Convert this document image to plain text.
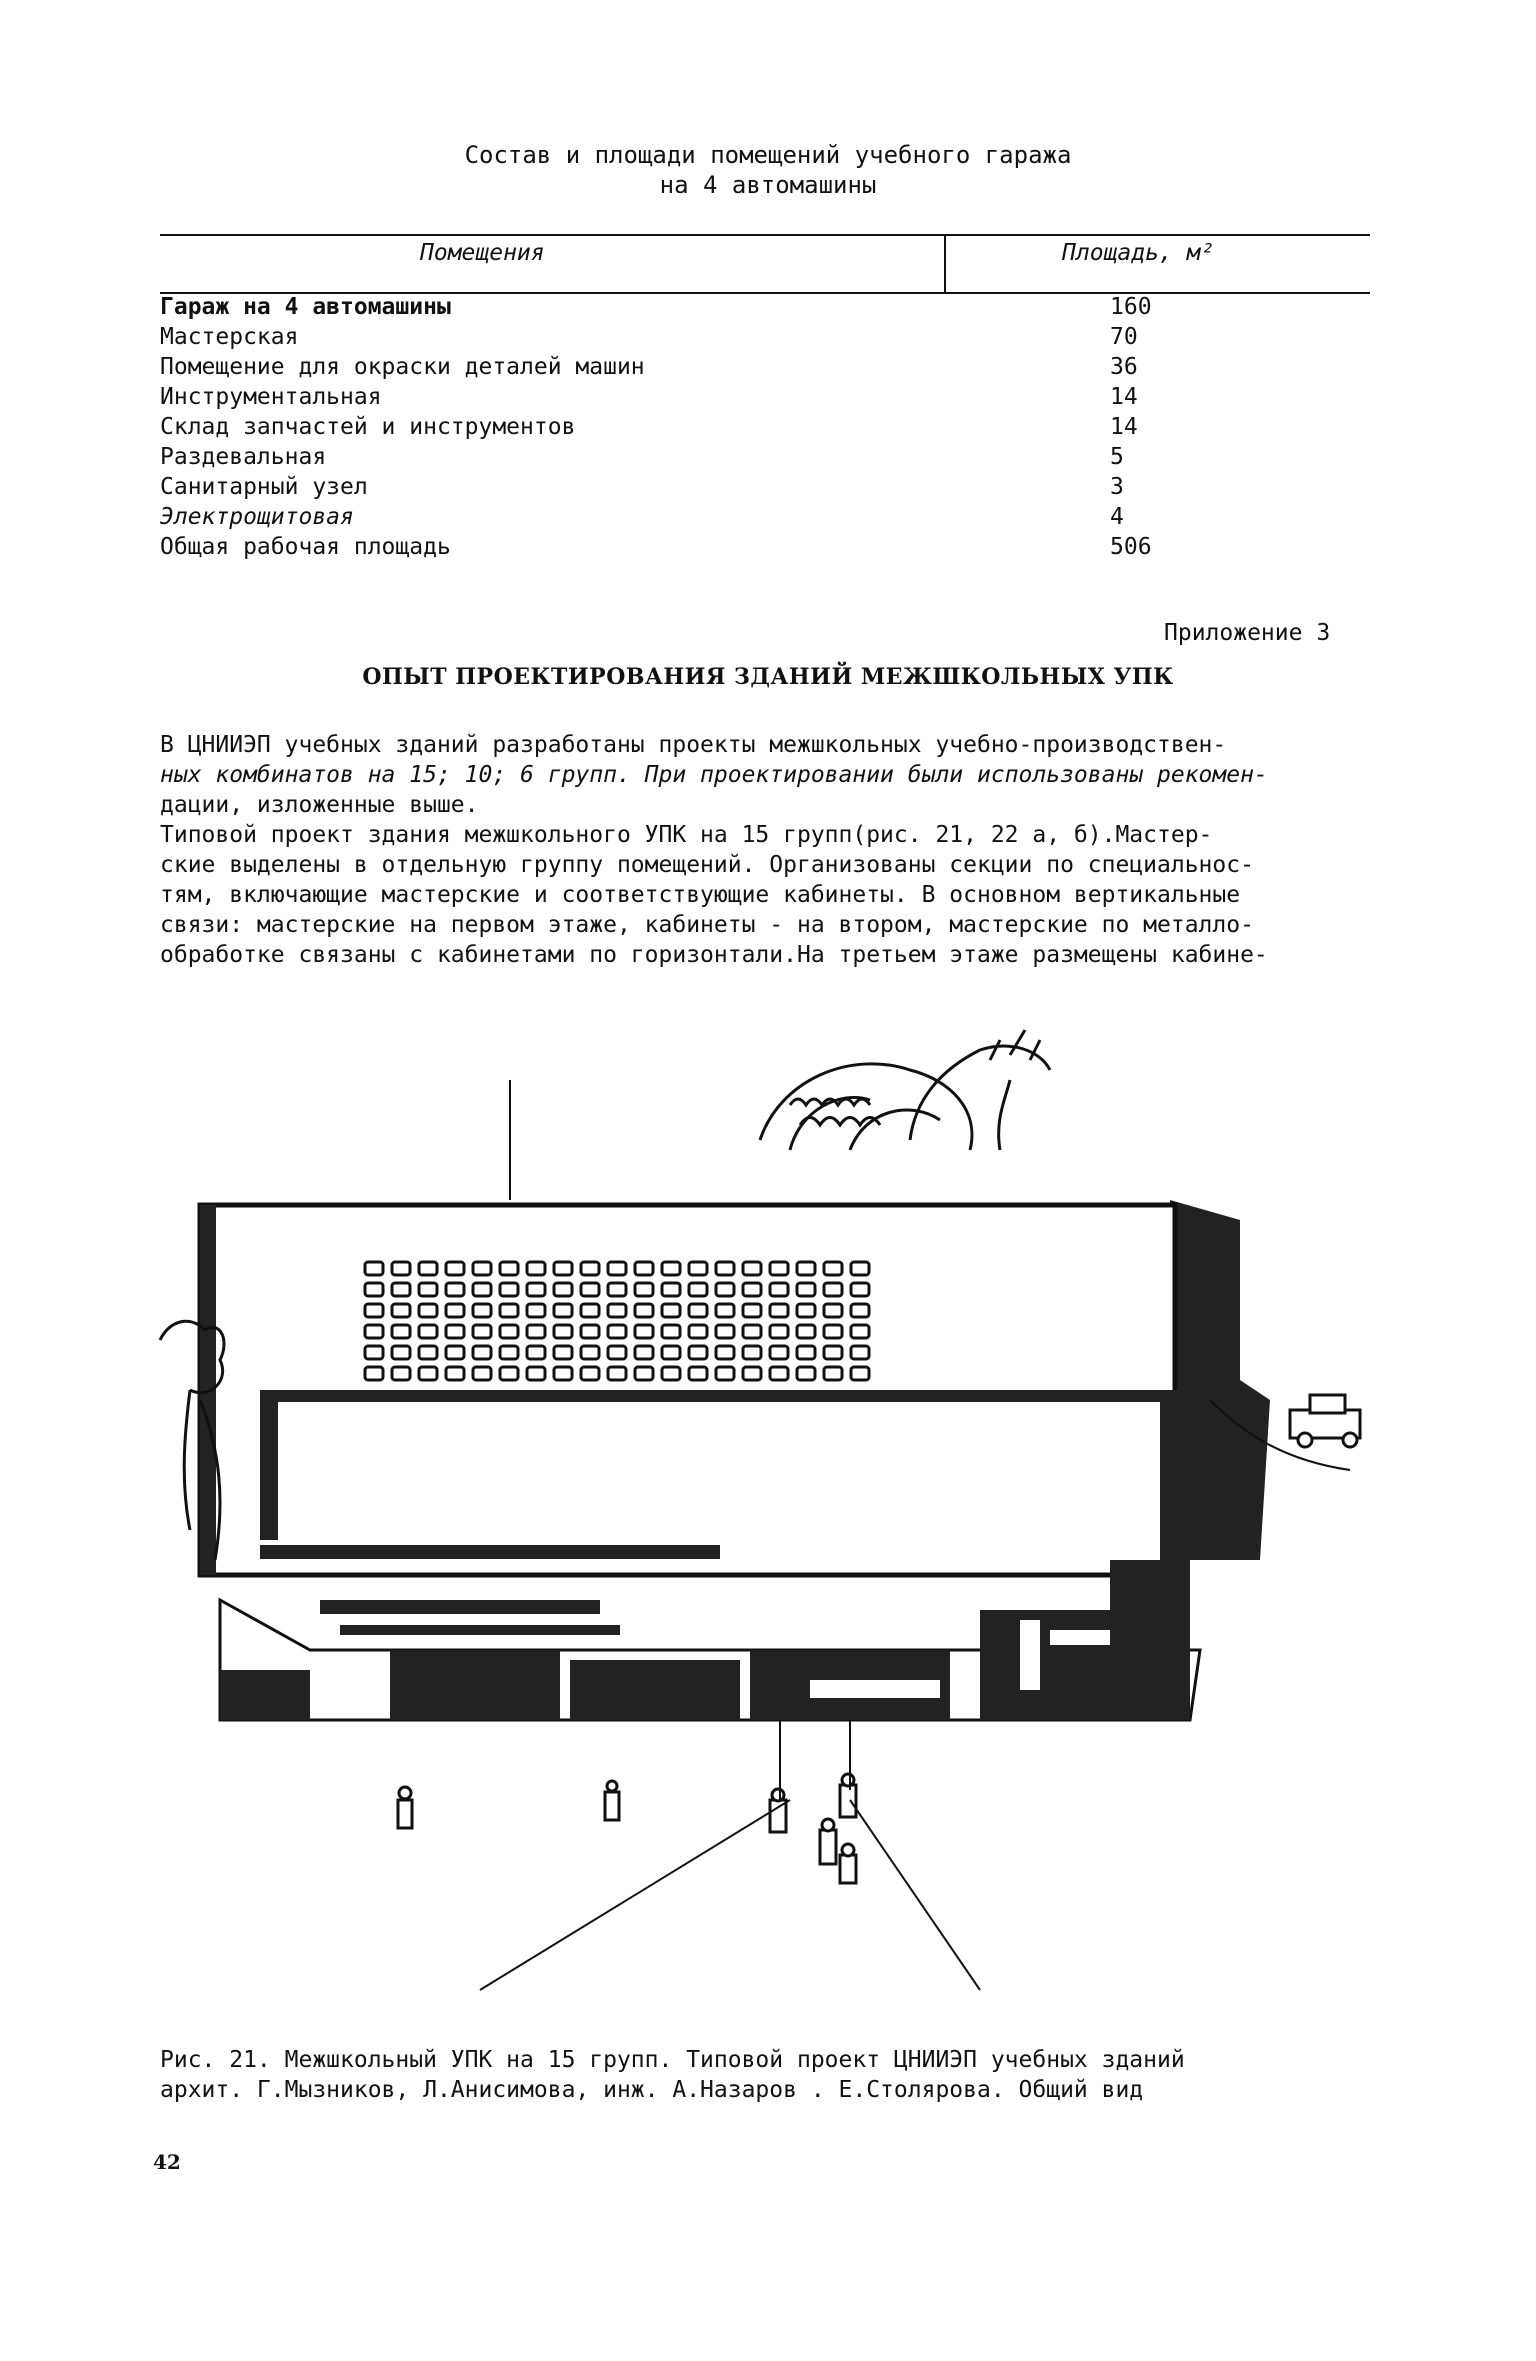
Состав и площади помещений учебного гаража
на 4 автомашины
Помещения	Площадь, м²
Гараж на 4 автомашины	160
Мастерская	70
Помещение для окраски деталей машин	36
Инструментальная	14
Склад запчастей и инструментов	14
Раздевальная	5
Санитарный узел	3
Электрощитовая	4
Общая рабочая площадь	506
Приложение 3
ОПЫТ ПРОЕКТИРОВАНИЯ ЗДАНИЙ МЕЖШКОЛЬНЫХ УПК
В ЦНИИЭП учебных зданий разработаны проекты межшкольных учебно-производствен-
ных комбинатов на 15; 10; 6 групп. При проектировании были использованы рекомен-
дации, изложенные выше.
Типовой проект здания межшкольного УПК на 15 групп(рис. 21, 22 а, б).Мастер-
ские выделены в отдельную группу помещений. Организованы секции по специальнос-
тям, включающие мастерские и соответствующие кабинеты. В основном вертикальные
связи: мастерские на первом этаже, кабинеты - на втором, мастерские по металло-
обработке связаны с кабинетами по горизонтали.На третьем этаже размещены кабине-
Рис. 21. Межшкольный УПК на 15 групп. Типовой проект ЦНИИЭП учебных зданий
архит. Г.Мызников, Л.Анисимова, инж. А.Назаров . Е.Столярова. Общий вид
42
